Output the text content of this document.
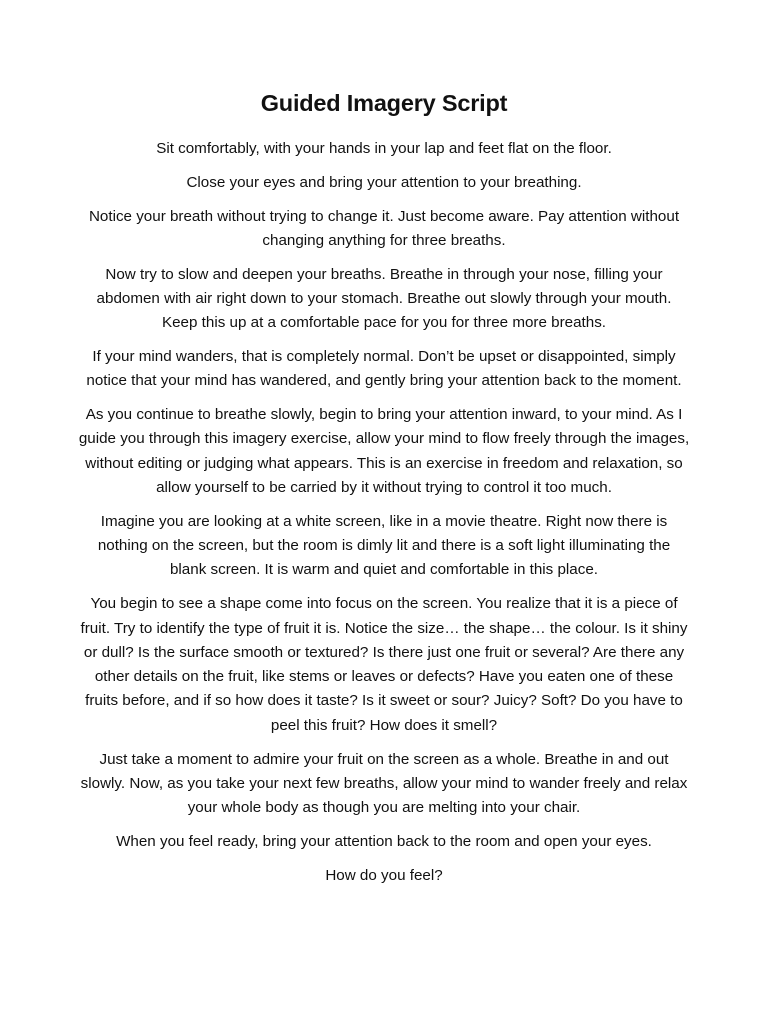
Guided Imagery Script

Sit comfortably, with your hands in your lap and feet flat on the floor.

Close your eyes and bring your attention to your breathing.

Notice your breath without trying to change it. Just become aware. Pay attention without changing anything for three breaths.

Now try to slow and deepen your breaths. Breathe in through your nose, filling your abdomen with air right down to your stomach. Breathe out slowly through your mouth. Keep this up at a comfortable pace for you for three more breaths.

If your mind wanders, that is completely normal. Don’t be upset or disappointed, simply notice that your mind has wandered, and gently bring your attention back to the moment.

As you continue to breathe slowly, begin to bring your attention inward, to your mind. As I guide you through this imagery exercise, allow your mind to flow freely through the images, without editing or judging what appears. This is an exercise in freedom and relaxation, so allow yourself to be carried by it without trying to control it too much.

Imagine you are looking at a white screen, like in a movie theatre. Right now there is nothing on the screen, but the room is dimly lit and there is a soft light illuminating the blank screen. It is warm and quiet and comfortable in this place.

You begin to see a shape come into focus on the screen. You realize that it is a piece of fruit. Try to identify the type of fruit it is. Notice the size… the shape… the colour. Is it shiny or dull? Is the surface smooth or textured? Is there just one fruit or several? Are there any other details on the fruit, like stems or leaves or defects? Have you eaten one of these fruits before, and if so how does it taste? Is it sweet or sour? Juicy? Soft? Do you have to peel this fruit? How does it smell?

Just take a moment to admire your fruit on the screen as a whole. Breathe in and out slowly. Now, as you take your next few breaths, allow your mind to wander freely and relax your whole body as though you are melting into your chair.

When you feel ready, bring your attention back to the room and open your eyes.

How do you feel?
